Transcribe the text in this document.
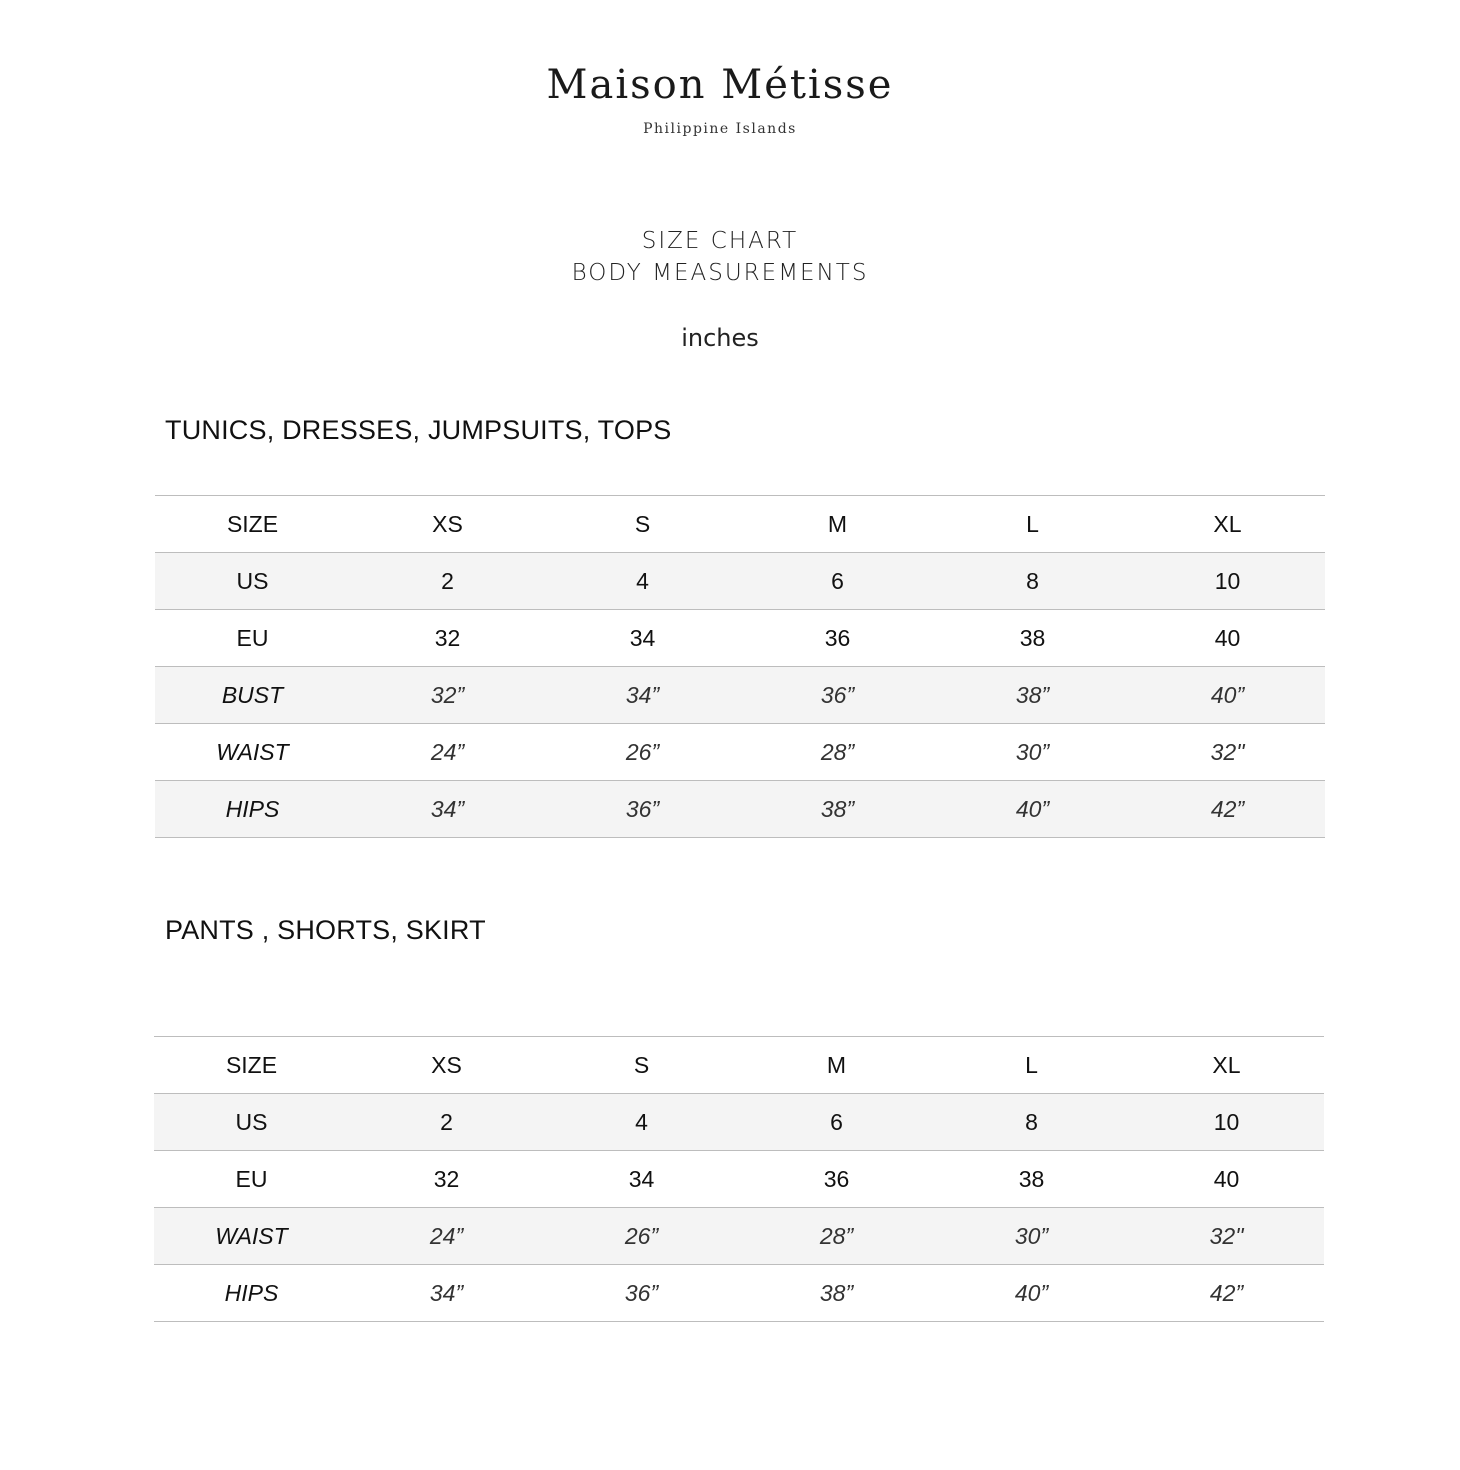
Maison Métisse
Philippine Islands
SIZE CHART
BODY MEASUREMENTS
inches
TUNICS, DRESSES, JUMPSUITS, TOPS
SIZE	XS	S	M	L	XL
US	2	4	6	8	10
EU	32	34	36	38	40
BUST	32”	34”	36”	38”	40”
WAIST	24”	26”	28”	30”	32"
HIPS	34”	36”	38”	40”	42”
PANTS , SHORTS, SKIRT
SIZE	XS	S	M	L	XL
US	2	4	6	8	10
EU	32	34	36	38	40
WAIST	24”	26”	28”	30”	32"
HIPS	34”	36”	38”	40”	42”
